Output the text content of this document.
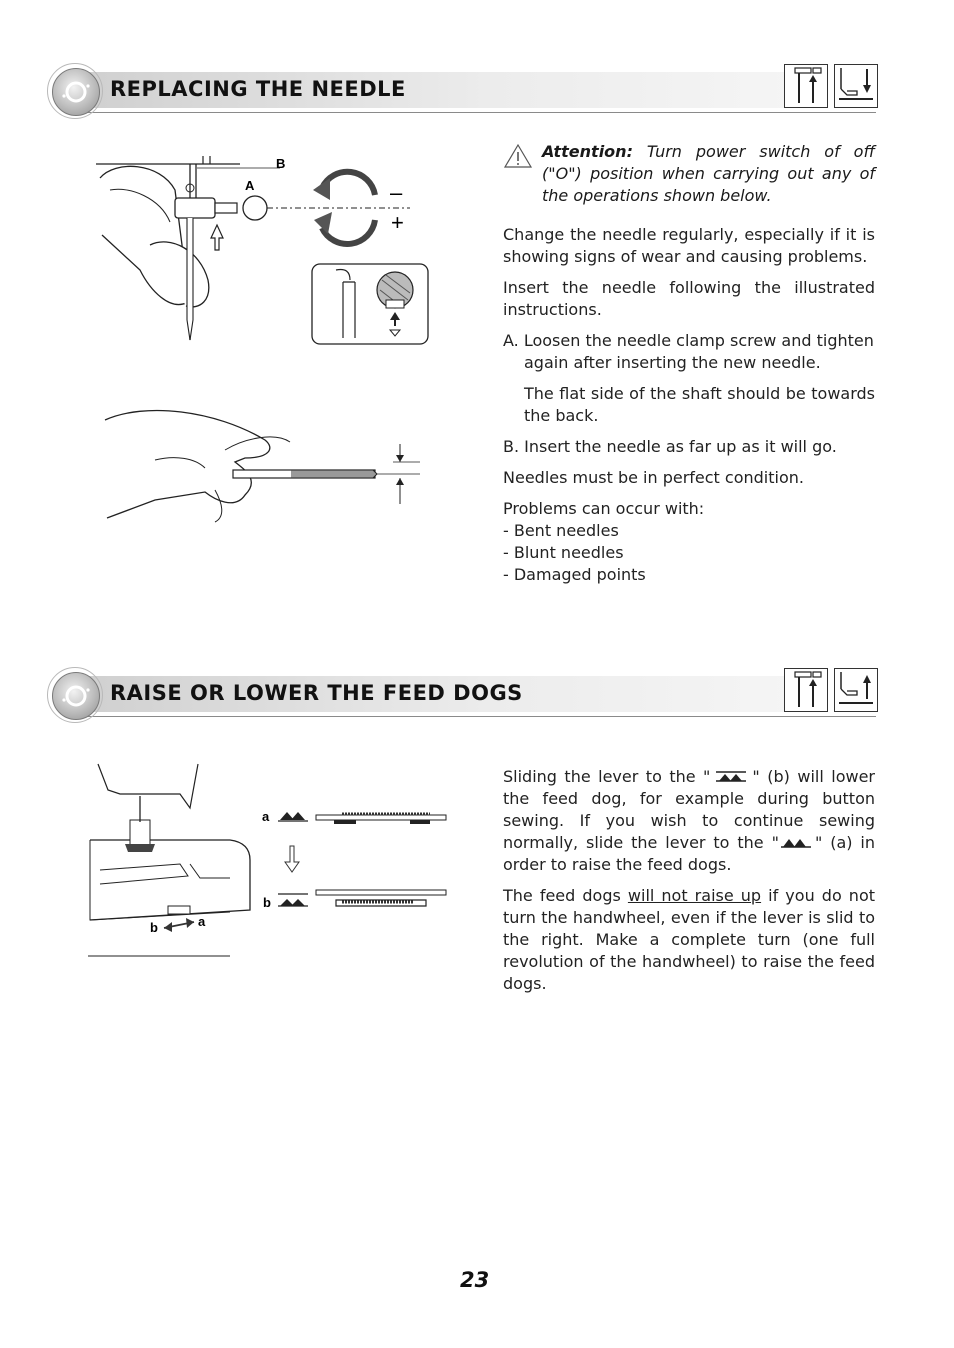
REPLACING THE NEEDLE
B
A	–
+
Attention: Turn power switch of off ("O") position when carrying out any of the operations shown below.

Change the needle regularly, especially if it is showing signs of wear and causing problems.

Insert the needle following the illustrated instructions.

A. Loosen the needle clamp screw and tighten

again after inserting the new needle.

The flat side of the shaft should be towards the back.

B. Insert the needle as far up as it will go.

Needles must be in perfect condition.

Problems can occur with:

- Bent needles
- Blunt needles
- Damaged points
RAISE OR LOWER THE FEED DOGS
b	a
a
b

Sliding the lever to the "	" (b) will lower the feed dog, for example during button sewing. If you wish to continue sewing normally, slide the lever to the " " (a) in order to raise the feed dogs.

The feed dogs will not raise up if you do not turn the handwheel, even if the lever is slid to the right. Make a complete turn (one full revolution of the handwheel) to raise the feed dogs.

23
